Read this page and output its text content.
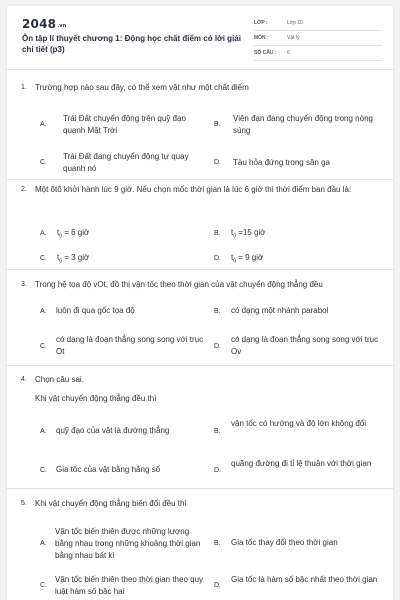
2048.vn
Ôn tập lí thuyết chương 1: Động học chất điểm có lời giải chi tiết (p3)
LỚP :	Lớp 10
MÔN :	Vật lý
SỐ CÂU : 6
1. Trường hợp nào sau đây, có thể xem vật như một chất điểm
A.
Trái Đất chuyển động trên quỹ đạo quanh Mặt Trời
B.
Viên đạn đang chuyển động trong nòng súng
C.
Trái Đất đang chuyển động tự quay quanh nó
D. Tàu hỏa đứng trong sân ga
2. Một ôtô khởi hành lúc 9 giờ. Nếu chọn mốc thời gian là lúc 6 giờ thì thời điểm ban đầu là:
A. $t_0 = 6$ giờ	B. $t_0 =15$ giờ
C. $t_0 = 3$ giờ	D. $t_0 = 9$ giờ
3. Trong hệ tọa độ vOt, đồ thị vận tốc theo thời gian của vật chuyển động thẳng đều
A. luôn đi qua gốc tọa độ	B. có dạng một nhánh parabol
C.
có dạng là đoạn thẳng song song với trục Ot
D.
có dạng là đoạn thẳng song song với trục Ov
4. Chọn câu sai.
Khi vật chuyển động thẳng đều thì
A. quỹ đạo của vật là đường thẳng	B.
vận tốc có hướng và độ lớn không đổi
C. Gia tốc của vật bằng hằng số	D.
quãng đường đi tỉ lệ thuận với thời gian
5. Khi vật chuyển động thẳng biến đổi đều thì
A.
Vận tốc biến thiên được những lượng bằng nhau trong những khoảng thời gian bằng nhau bất kì
B. Gia tốc thay đổi theo thời gian
C.
Vận tốc biến thiên theo thời gian theo quy luật hàm số bậc hai
D.
Gia tốc là hàm số bậc nhất theo thời gian
